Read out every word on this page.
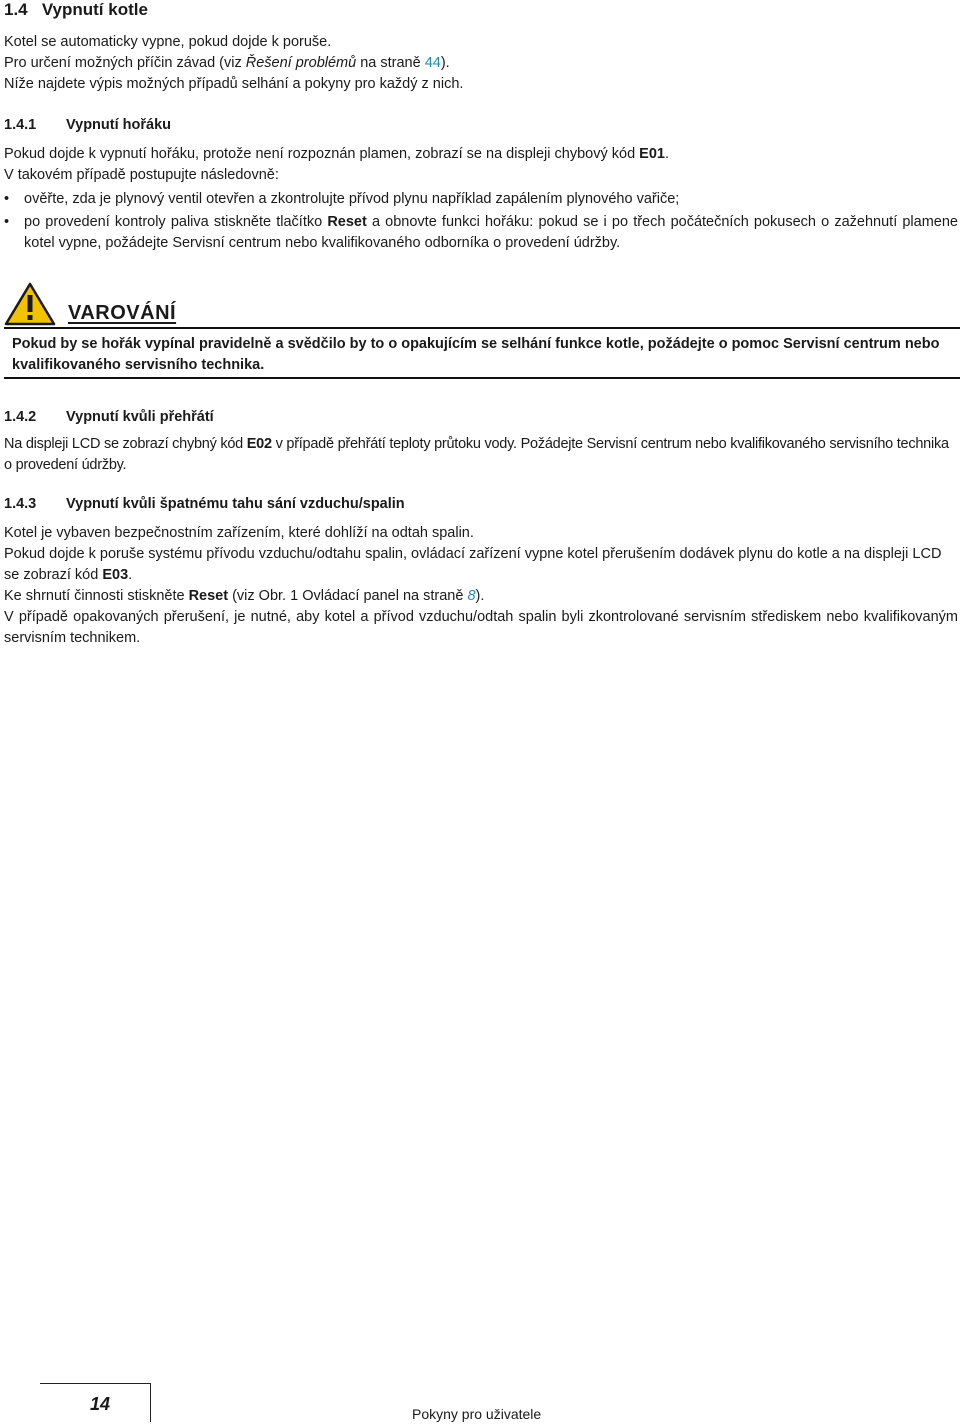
1.4 Vypnutí kotle
Kotel se automaticky vypne, pokud dojde k poruše.
Pro určení možných příčin závad (viz Řešení problémů na straně 44).
Níže najdete výpis možných případů selhání a pokyny pro každý z nich.
1.4.1 Vypnutí hořáku
Pokud dojde k vypnutí hořáku, protože není rozpoznán plamen, zobrazí se na displeji chybový kód E01.
V takovém případě postupujte následovně:
• ověřte, zda je plynový ventil otevřen a zkontrolujte přívod plynu například zapálením plynového vařiče;
• po provedení kontroly paliva stiskněte tlačítko Reset a obnovte funkci hořáku: pokud se i po třech počátečních pokusech o zažehnutí plamene kotel vypne, požádejte Servisní centrum nebo kvalifikovaného odborníka o provedení údržby.
VAROVÁNÍ
Pokud by se hořák vypínal pravidelně a svědčilo by to o opakujícím se selhání funkce kotle, požádejte o pomoc Servisní centrum nebo kvalifikovaného servisního technika.
1.4.2 Vypnutí kvůli přehřátí
Na displeji LCD se zobrazí chybný kód E02 v případě přehřátí teploty průtoku vody. Požádejte Servisní centrum nebo kvalifikovaného servisního technika o provedení údržby.
1.4.3 Vypnutí kvůli špatnému tahu sání vzduchu/spalin
Kotel je vybaven bezpečnostním zařízením, které dohlíží na odtah spalin.
Pokud dojde k poruše systému přívodu vzduchu/odtahu spalin, ovládací zařízení vypne kotel přerušením dodávek plynu do kotle a na displeji LCD se zobrazí kód E03.
Ke shrnutí činnosti stiskněte Reset (viz Obr. 1 Ovládací panel na straně 8).
V případě opakovaných přerušení, je nutné, aby kotel a přívod vzduchu/odtah spalin byli zkontrolované servisním střediskem nebo kvalifikovaným servisním technikem.
14	Pokyny pro uživatele
